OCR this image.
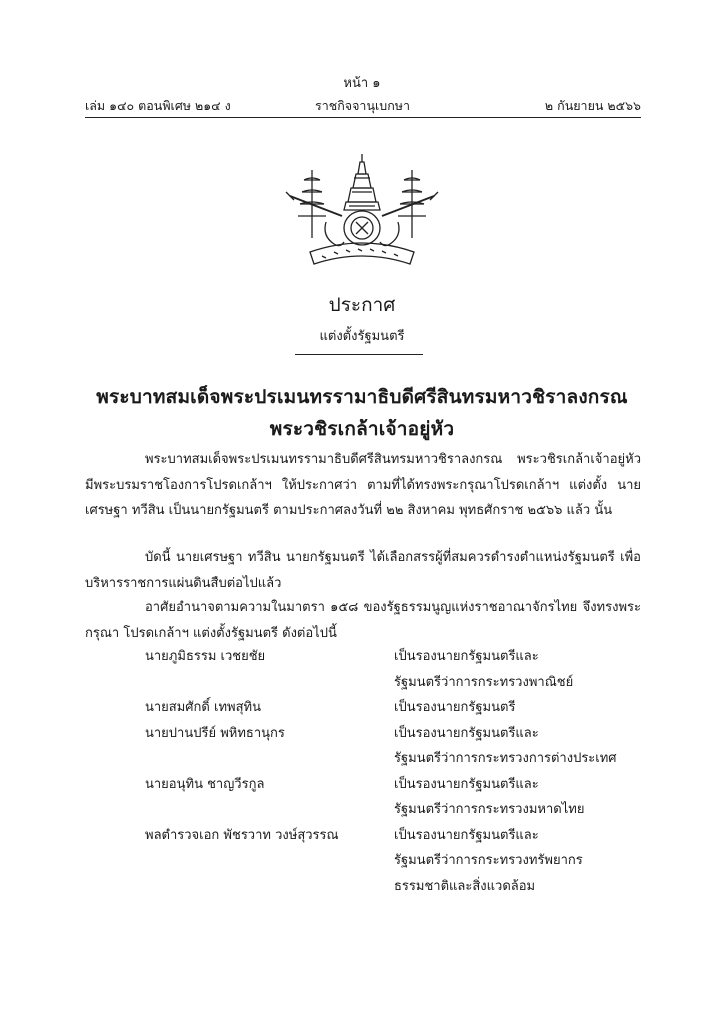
หน้า ๑
เล่ม ๑๔๐ ตอนพิเศษ ๒๑๔ ง	ราชกิจจานุเบกษา	๒ กันยายน ๒๕๖๖
ประกาศ
แต่งตั้งรัฐมนตรี
พระบาทสมเด็จพระปรเมนทรรามาธิบดีศรีสินทรมหาวชิราลงกรณ
พระวชิรเกล้าเจ้าอยู่หัว
พระบาทสมเด็จพระปรเมนทรรามาธิบดีศรีสินทรมหาวชิราลงกรณ พระวชิรเกล้าเจ้าอยู่หัว มีพระบรมราชโองการโปรดเกล้าฯ ให้ประกาศว่า ตามที่ได้ทรงพระกรุณาโปรดเกล้าฯ แต่งตั้ง นายเศรษฐา ทวีสิน เป็นนายกรัฐมนตรี ตามประกาศลงวันที่ ๒๒ สิงหาคม พุทธศักราช ๒๕๖๖ แล้ว นั้น
บัดนี้ นายเศรษฐา ทวีสิน นายกรัฐมนตรี ได้เลือกสรรผู้ที่สมควรดำรงตำแหน่งรัฐมนตรี เพื่อบริหารราชการแผ่นดินสืบต่อไปแล้ว
อาศัยอำนาจตามความในมาตรา ๑๕๘ ของรัฐธรรมนูญแห่งราชอาณาจักรไทย จึงทรงพระกรุณา โปรดเกล้าฯ แต่งตั้งรัฐมนตรี ดังต่อไปนี้
นายภูมิธรรม เวชยชัย	เป็นรองนายกรัฐมนตรีและ
รัฐมนตรีว่าการกระทรวงพาณิชย์
นายสมศักดิ์ เทพสุทิน	เป็นรองนายกรัฐมนตรี
นายปานปรีย์ พหิทธานุกร	เป็นรองนายกรัฐมนตรีและ
รัฐมนตรีว่าการกระทรวงการต่างประเทศ
นายอนุทิน ชาญวีรกูล	เป็นรองนายกรัฐมนตรีและ
รัฐมนตรีว่าการกระทรวงมหาดไทย
พลตำรวจเอก พัชรวาท วงษ์สุวรรณ	เป็นรองนายกรัฐมนตรีและ
รัฐมนตรีว่าการกระทรวงทรัพยากร
ธรรมชาติและสิ่งแวดล้อม
